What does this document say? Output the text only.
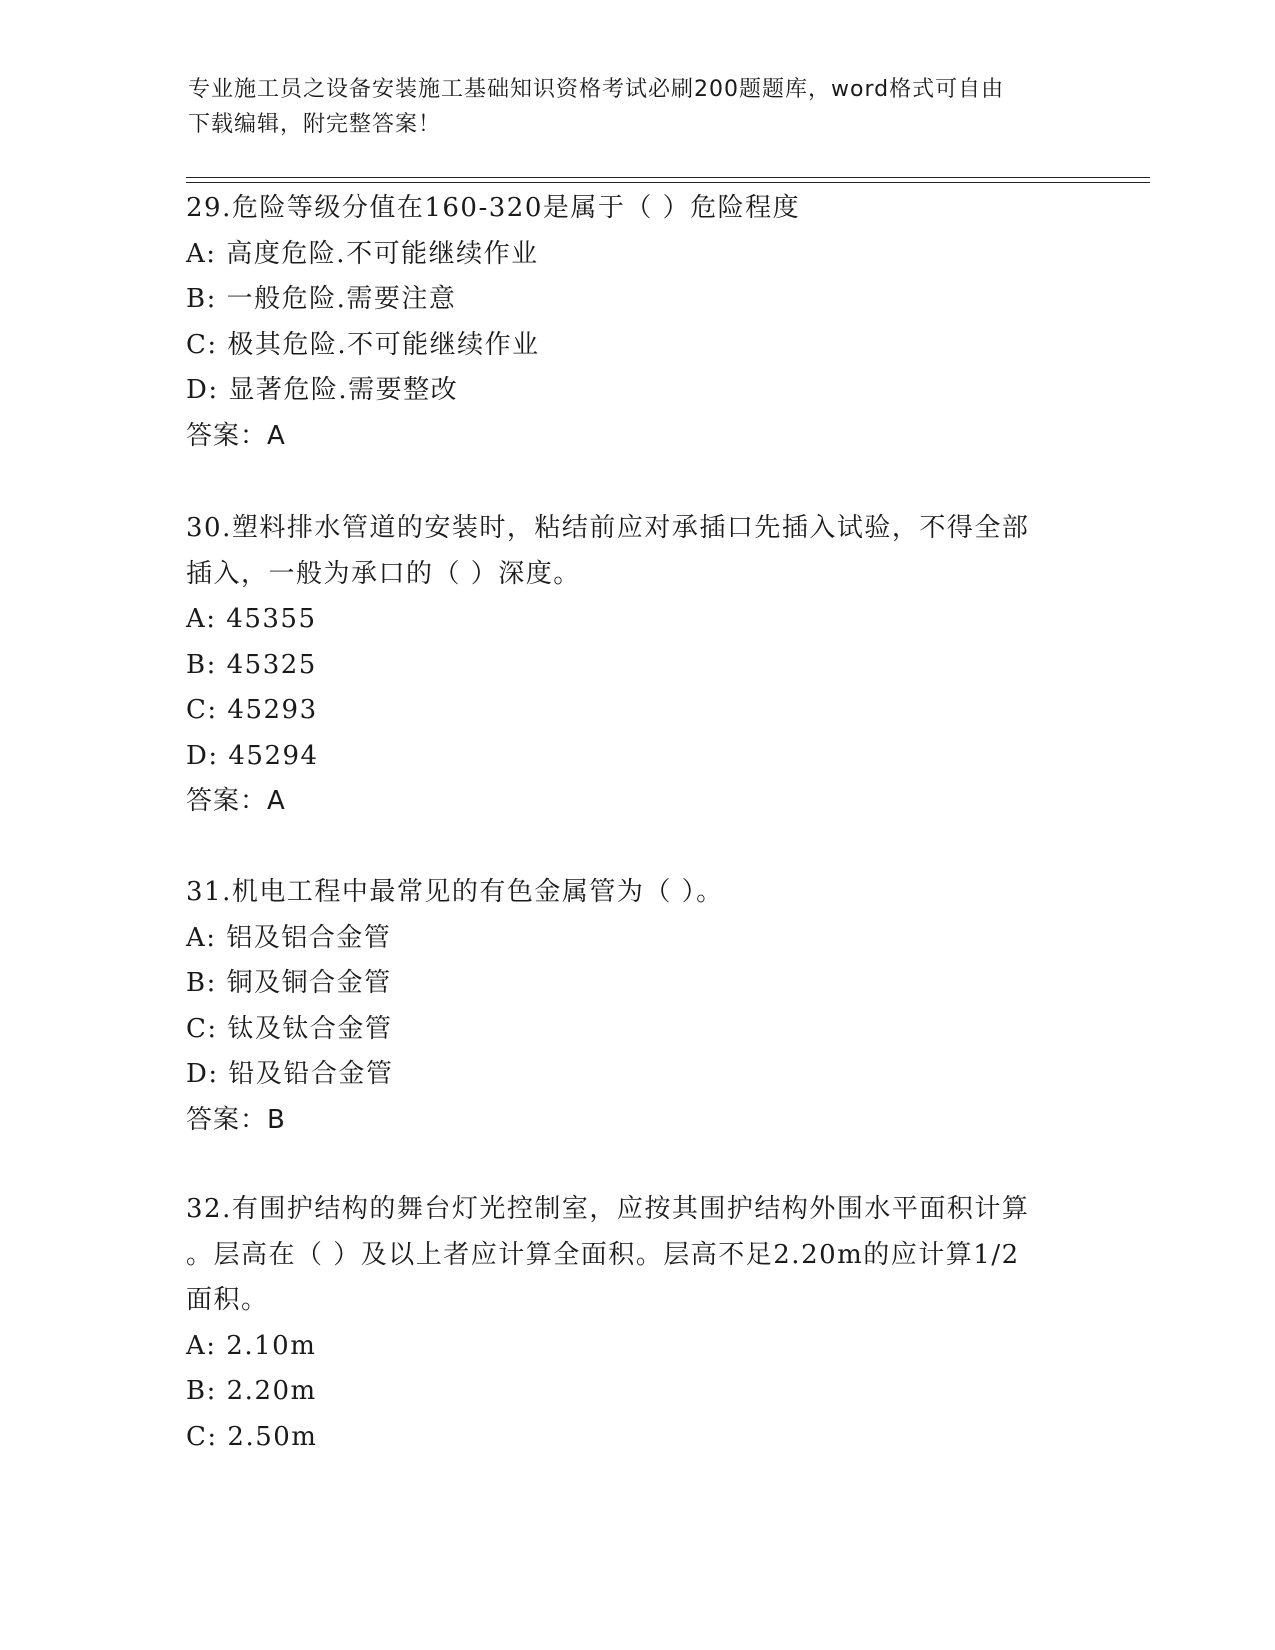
专业施工员之设备安装施工基础知识资格考试必刷200题题库，word格式可自由
下载编辑，附完整答案！

29.危险等级分值在160-320是属于（ ）危险程度

A: 高度危险.不可能继续作业

B: 一般危险.需要注意

C: 极其危险.不可能继续作业

D: 显著危险.需要整改

答案：A

30.塑料排水管道的安装时，粘结前应对承插口先插入试验，不得全部

插入，一般为承口的（ ）深度。

A: 45355

B: 45325

C: 45293

D: 45294

答案：A

31.机电工程中最常见的有色金属管为（ ）。

A: 铝及铝合金管

B: 铜及铜合金管

C: 钛及钛合金管

D: 铅及铅合金管

答案：B

32.有围护结构的舞台灯光控制室，应按其围护结构外围水平面积计算

。层高在（ ）及以上者应计算全面积。层高不足2.20m的应计算1/2

面积。

A: 2.10m

B: 2.20m

C: 2.50m
